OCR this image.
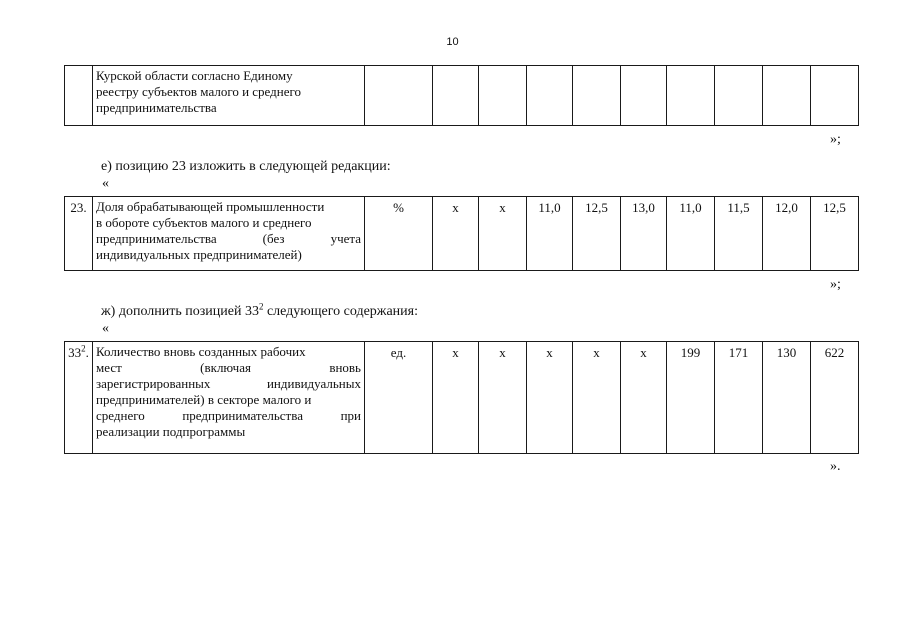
10

Курской области согласно Единому
реестру субъектов малого и среднего
предпринимательства

»;
е) позицию 23 изложить в следующей редакции:
«
23.	Доля обрабатывающей промышленности
в обороте субъектов малого и среднего
предпринимательства (без учета
индивидуальных предпринимателей)
	%	х	х	11,0	12,5	13,0	11,0	11,5	12,0	12,5
»;
ж) дополнить позицией $33^2$ следующего содержания:
«
$33^2$.	Количество вновь созданных рабочих
мест (включая вновь
зарегистрированных индивидуальных
предпринимателей) в секторе малого и
среднего предпринимательства при
реализации подпрограммы
	ед.	х	х	х	х	х	199	171	130	622
».
